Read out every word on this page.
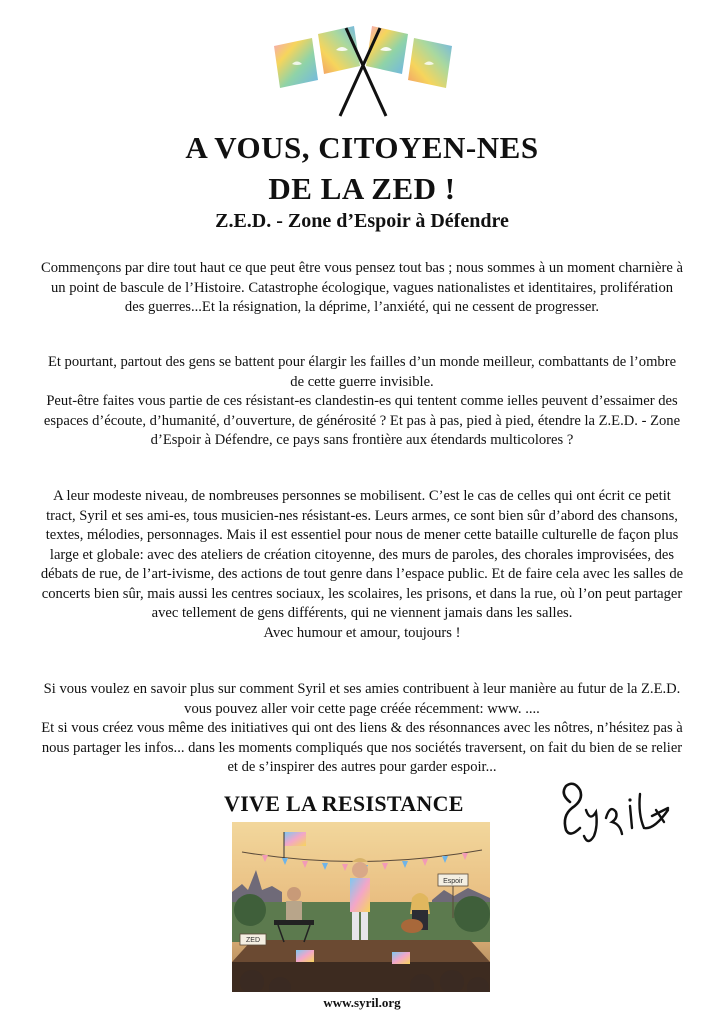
A VOUS, CITOYEN-NES
DE LA ZED !
Z.E.D. - Zone d’Espoir à Défendre

Commençons par dire tout haut ce que peut être vous pensez tout bas ; nous sommes à un moment charnière à un point de bascule de l’Histoire. Catastrophe écologique, vagues nationalistes et identitaires, prolifération des guerres...Et la résignation, la déprime, l’anxiété, qui ne cessent de progresser.

Et pourtant, partout des gens se battent pour élargir les failles d’un monde meilleur, combattants de l’ombre de cette guerre invisible.
Peut-être faites vous partie de ces résistant-es clandestin-es qui tentent comme ielles peuvent d’essaimer des espaces d’écoute, d’humanité, d’ouverture, de générosité ? Et pas à pas, pied à pied, étendre la Z.E.D. - Zone d’Espoir à Défendre, ce pays sans frontière aux étendards multicolores ?
A leur modeste niveau, de nombreuses personnes se mobilisent. C’est le cas de celles qui ont écrit ce petit tract, Syril et ses ami-es, tous musicien-nes résistant-es. Leurs armes, ce sont bien sûr d’abord des chansons, textes, mélodies, personnages. Mais il est essentiel pour nous de mener cette bataille culturelle de façon plus large et globale: avec des ateliers de création citoyenne, des murs de paroles, des chorales improvisées, des débats de rue, de l’art-ivisme, des actions de tout genre dans l’espace public. Et de faire cela avec les salles de concerts bien sûr, mais aussi les centres sociaux, les scolaires, les prisons, et dans la rue, où l’on peut partager avec tellement de gens différents, qui ne viennent jamais dans les salles.
Avec humour et amour, toujours !
Si vous voulez en savoir plus sur comment Syril et ses amies contribuent à leur manière au futur de la Z.E.D. vous pouvez aller voir cette page créée récemment: www. ....
Et si vous créez vous même des initiatives qui ont des liens & des résonnances avec les nôtres, n’hésitez pas à nous partager les infos... dans les moments compliqués que nos sociétés traversent, on fait du bien de se relier et de s’inspirer des autres pour garder espoir...
VIVE LA RESISTANCE
Espoir
ZED
www.syril.org
